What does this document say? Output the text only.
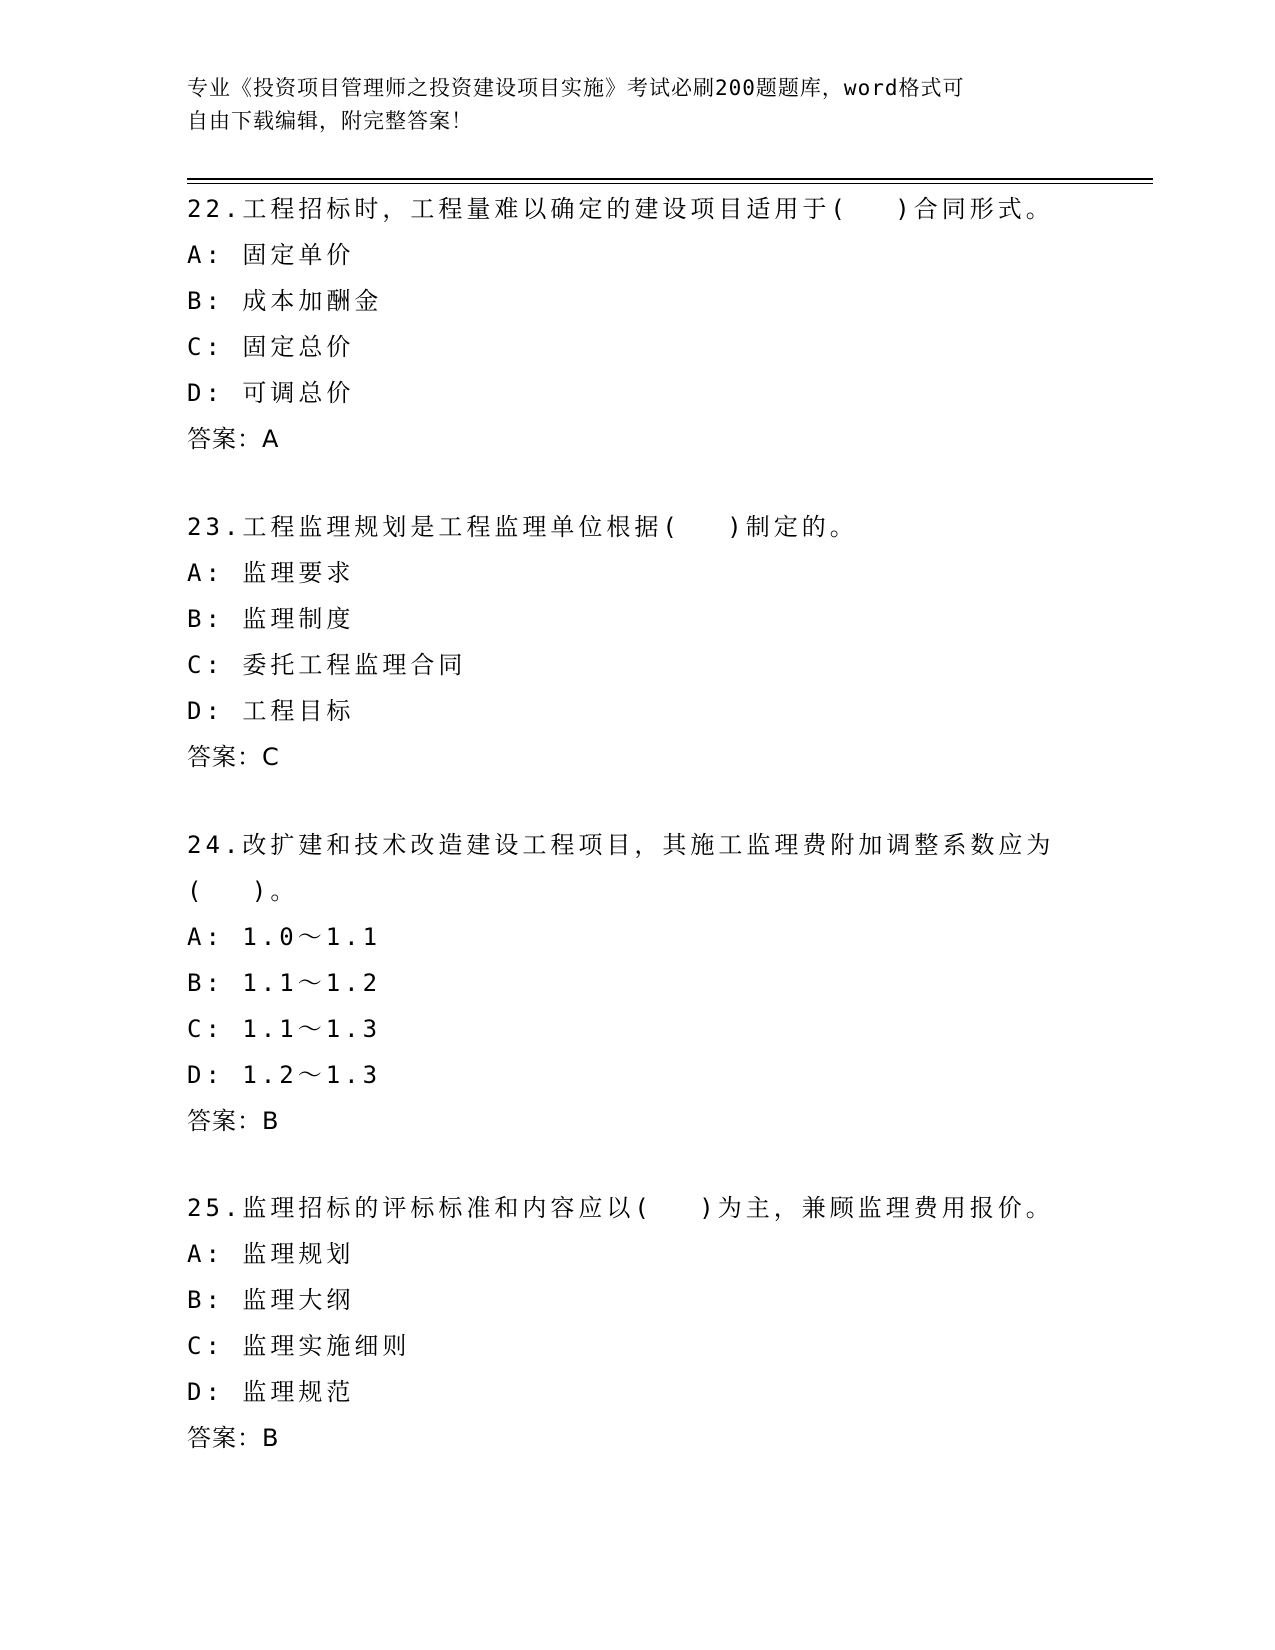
专业《投资项目管理师之投资建设项目实施》考试必刷200题题库，word格式可
自由下载编辑，附完整答案！
22.工程招标时，工程量难以确定的建设项目适用于(　 )合同形式。
A: 固定单价
B: 成本加酬金
C: 固定总价
D: 可调总价
答案：A
23.工程监理规划是工程监理单位根据(　 )制定的。
A: 监理要求
B: 监理制度
C: 委托工程监理合同
D: 工程目标
答案：C
24.改扩建和技术改造建设工程项目，其施工监理费附加调整系数应为(　 )。
A: 1.0～1.1
B: 1.1～1.2
C: 1.1～1.3
D: 1.2～1.3
答案：B
25.监理招标的评标标准和内容应以(　 )为主，兼顾监理费用报价。
A: 监理规划
B: 监理大纲
C: 监理实施细则
D: 监理规范
答案：B
